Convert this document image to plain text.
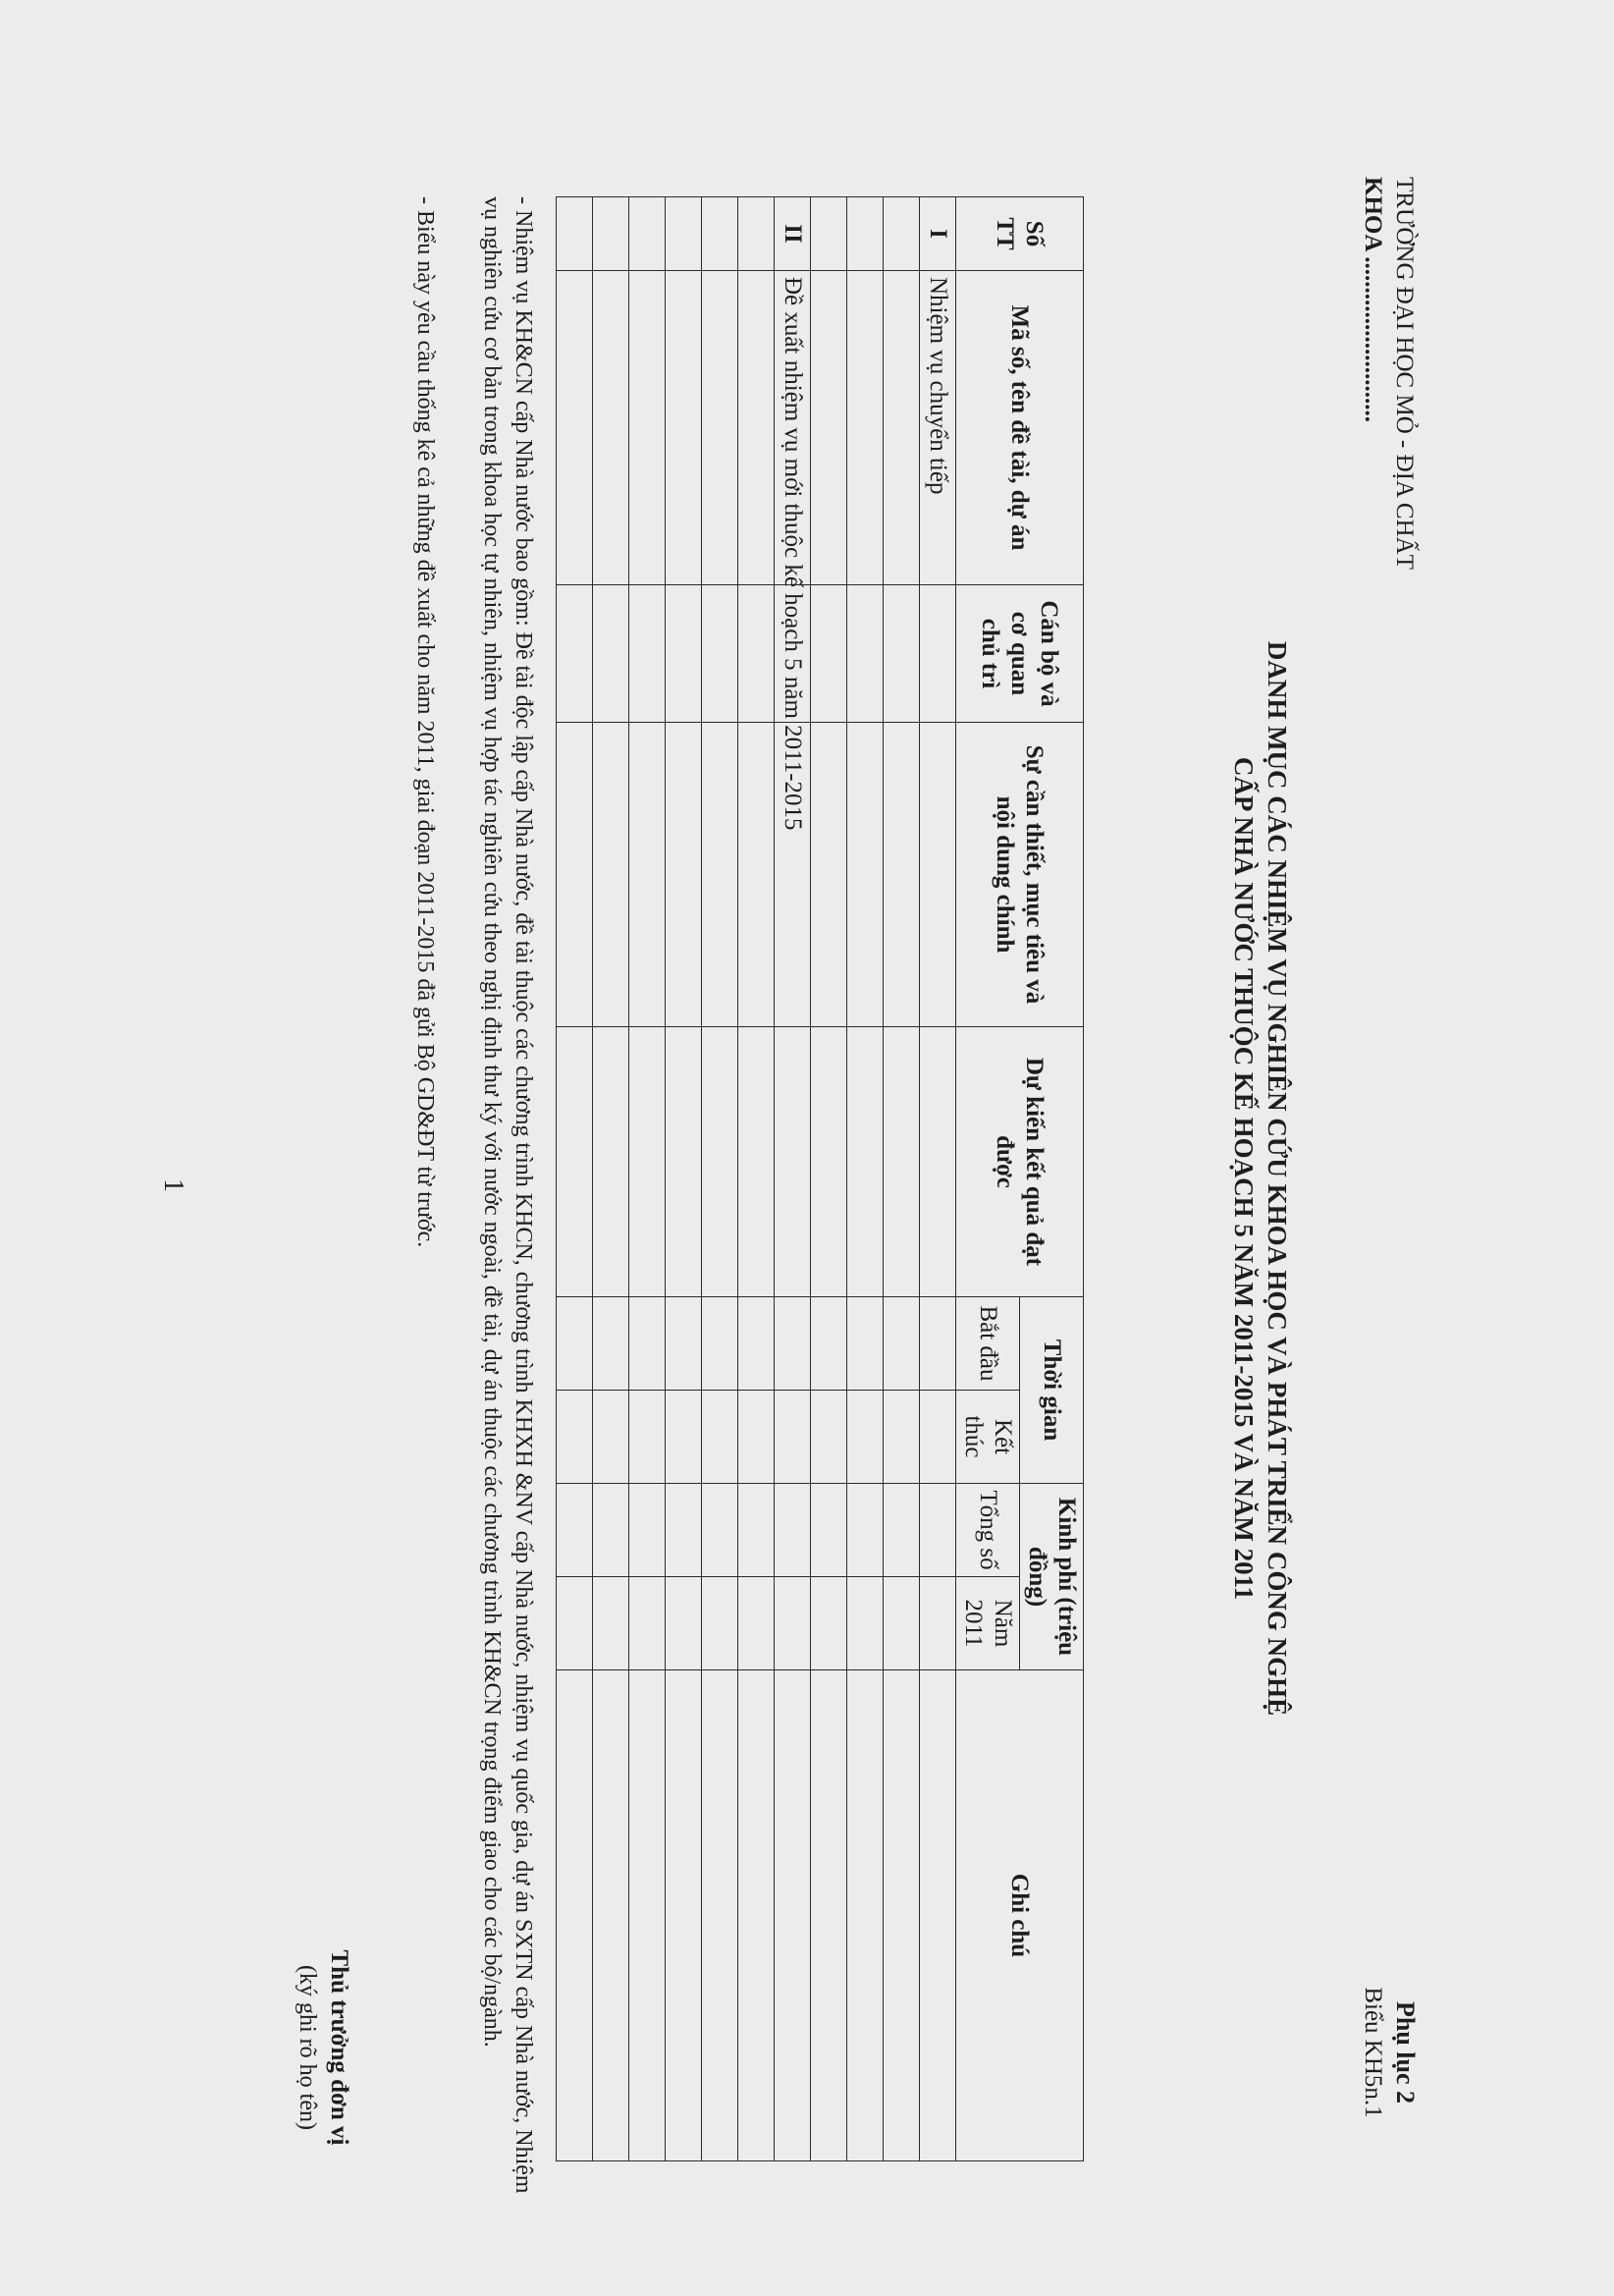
TRƯỜNG ĐẠI HỌC MỎ - ĐỊA CHẤT
KHOA ...........................
Phụ lục 2
Biểu KH5n.1
DANH MỤC CÁC NHIỆM VỤ NGHIÊN CỨU KHOA HỌC VÀ PHÁT TRIỂN CÔNG NGHỆ
CẤP NHÀ NƯỚC THUỘC KẾ HOẠCH 5 NĂM 2011-2015 VÀ NĂM 2011
Số TT	Mã số, tên đề tài, dự án	Cán bộ và cơ quan chủ trì	Sự cần thiết, mục tiêu và nội dung chính	Dự kiến kết quả đạt được	Thời gian		Kinh phí (triệu đồng)		Ghi chú
					Bắt đầu	Kết thúc	Tổng số	Năm 2011	
I	Nhiệm vụ chuyển tiếp								

II	Đề xuất nhiệm vụ mới thuộc kế hoạch 5 năm 2011-2015								

- Nhiệm vụ KH&CN cấp Nhà nước bao gồm: Đề tài độc lập cấp Nhà nước, đề tài thuộc các chương trình KHCN, chương trình KHXH &NV cấp Nhà nước, nhiệm vụ quốc gia, dự án SXTN cấp Nhà nước, Nhiệm vụ nghiên cứu cơ bản trong khoa học tự nhiên, nhiệm vụ hợp tác nghiên cứu theo nghị định thư ký với nước ngoài, đề tài, dự án thuộc các chương trình KH&CN trọng điểm giao cho các bộ/ngành.
- Biểu này yêu cầu thống kê cả những đề xuất cho năm 2011, giai đoạn 2011-2015 đã gửi Bộ GD&ĐT từ trước.
Thủ trưởng đơn vị
(ký ghi rõ họ tên)
1
